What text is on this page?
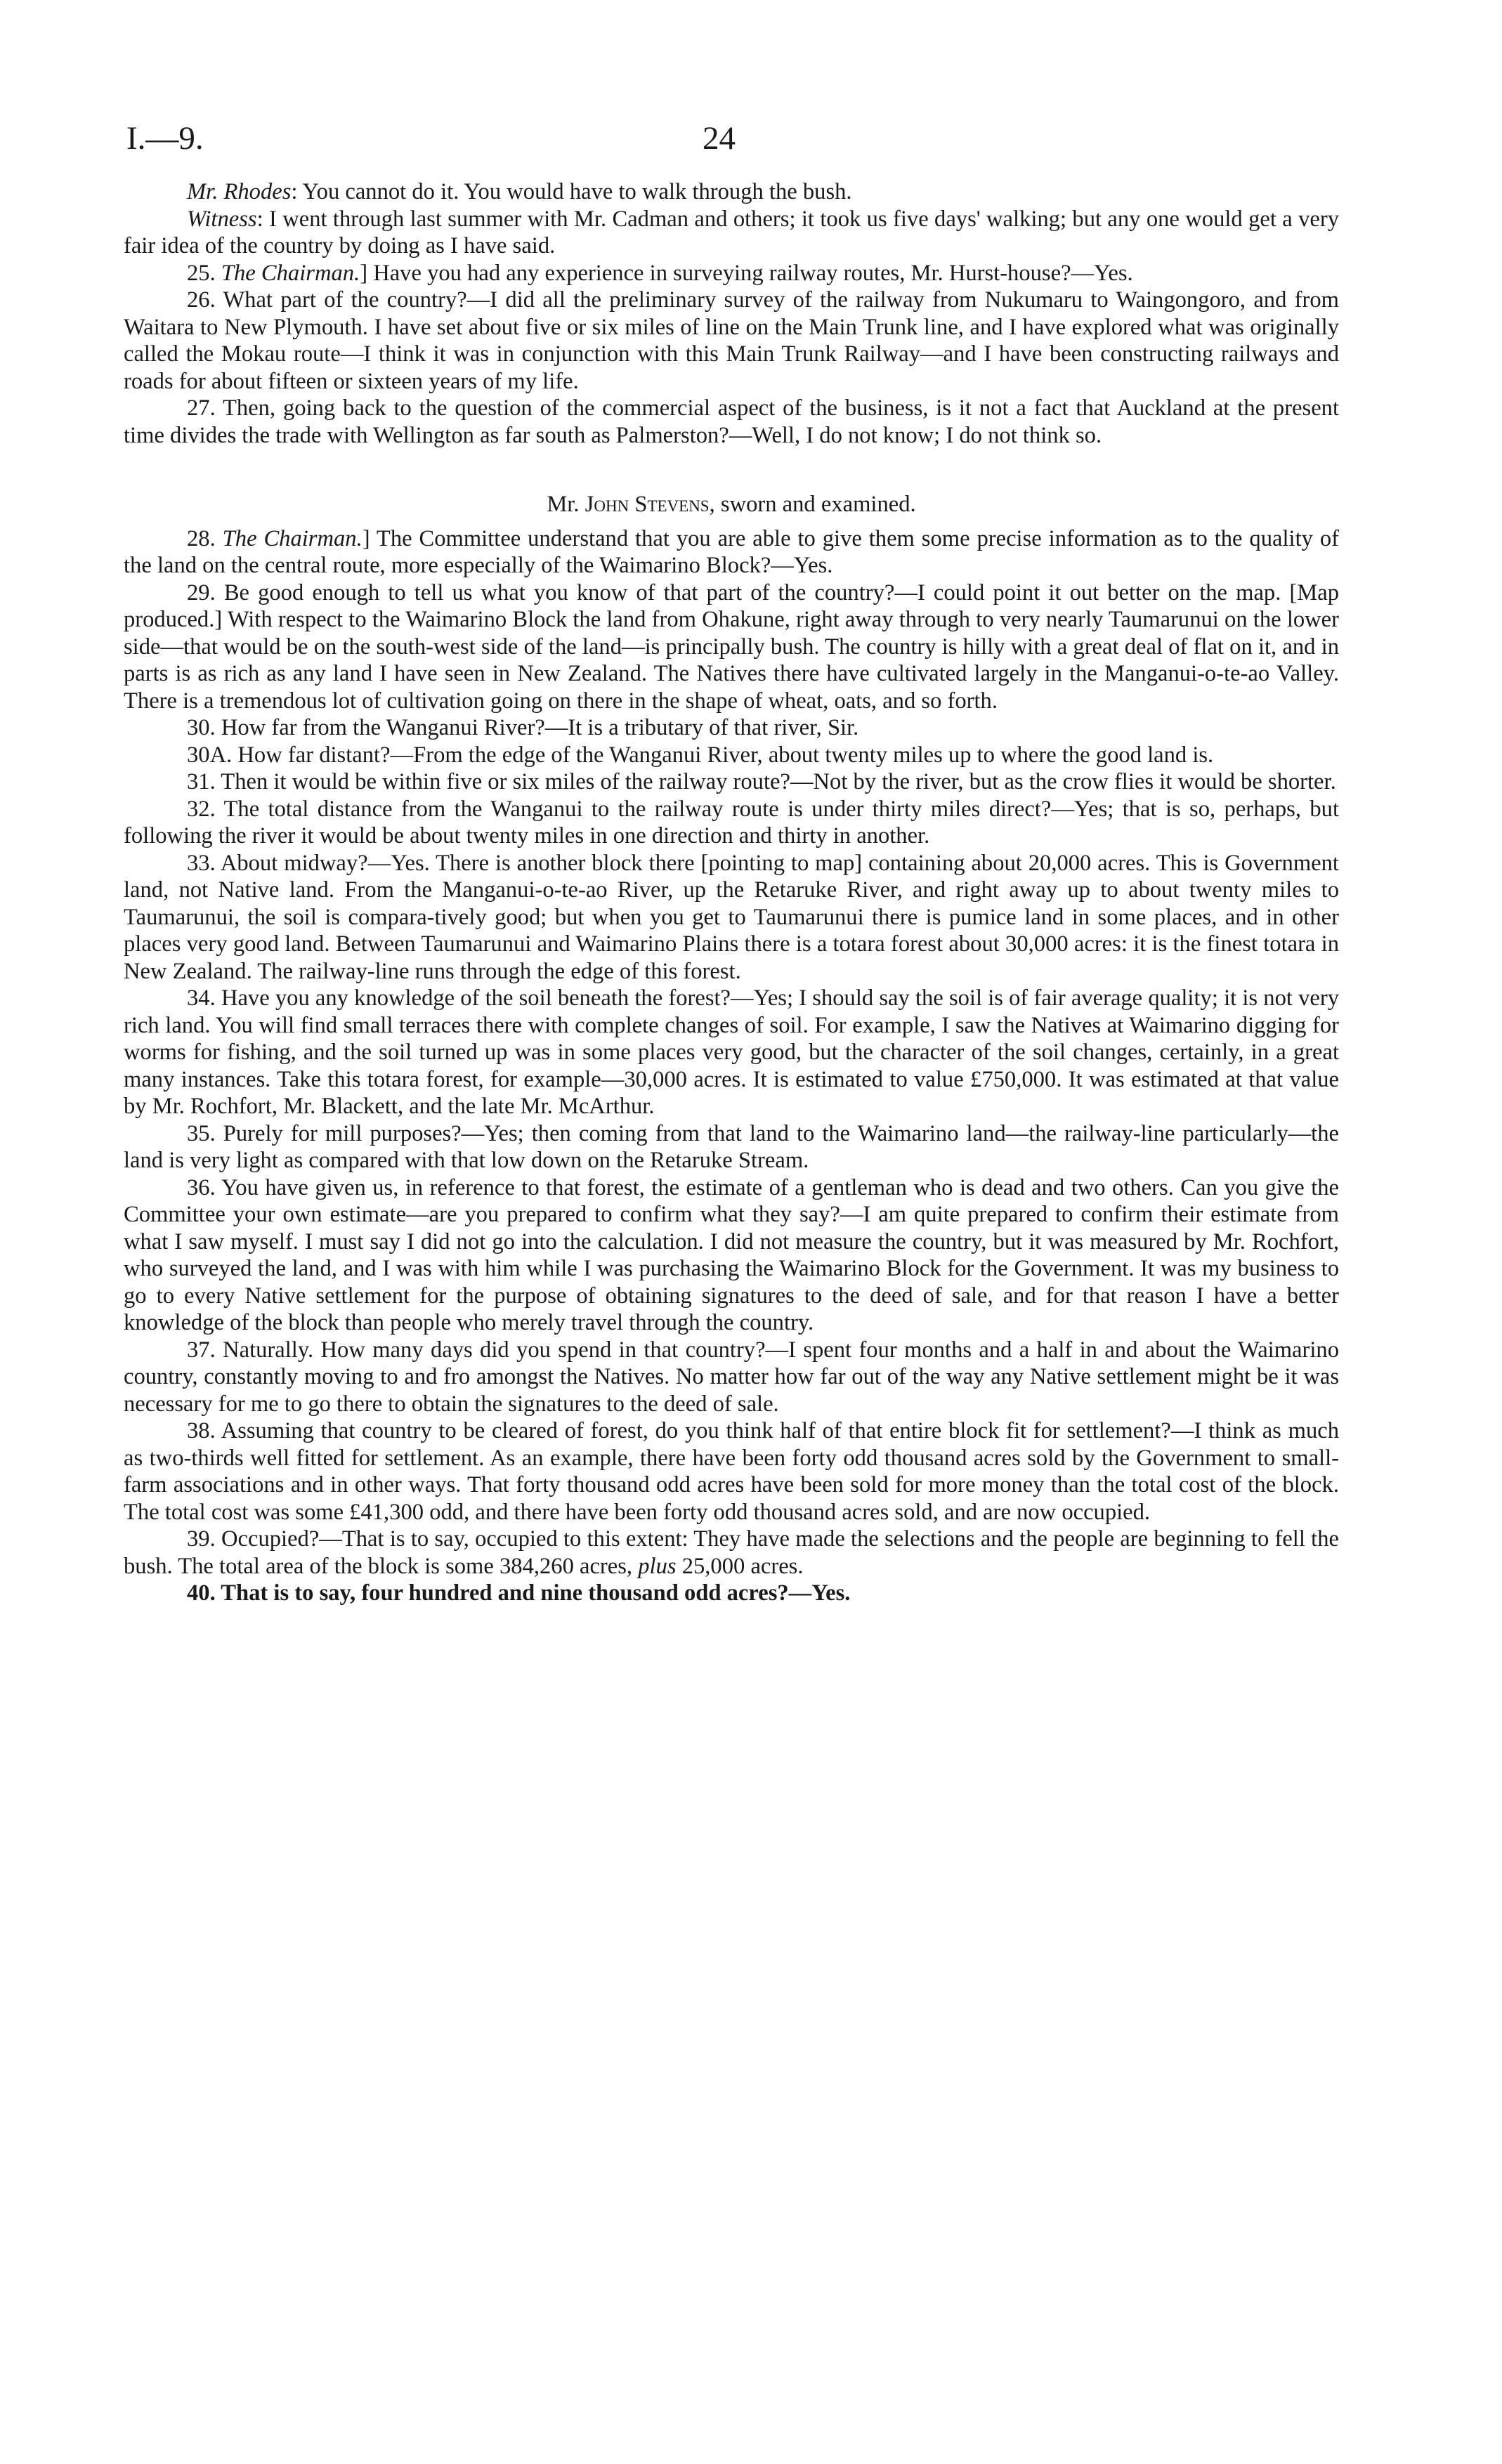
I.—9.	24

Mr. Rhodes: You cannot do it. You would have to walk through the bush.

Witness: I went through last summer with Mr. Cadman and others; it took us five days' walking; but any one would get a very fair idea of the country by doing as I have said.

25. The Chairman.] Have you had any experience in surveying railway routes, Mr. Hurst-house?—Yes.

26. What part of the country?—I did all the preliminary survey of the railway from Nukumaru to Waingongoro, and from Waitara to New Plymouth. I have set about five or six miles of line on the Main Trunk line, and I have explored what was originally called the Mokau route—I think it was in conjunction with this Main Trunk Railway—and I have been constructing railways and roads for about fifteen or sixteen years of my life.

27. Then, going back to the question of the commercial aspect of the business, is it not a fact that Auckland at the present time divides the trade with Wellington as far south as Palmerston?—Well, I do not know; I do not think so.

Mr. John Stevens, sworn and examined.

28. The Chairman.] The Committee understand that you are able to give them some precise information as to the quality of the land on the central route, more especially of the Waimarino Block?—Yes.

29. Be good enough to tell us what you know of that part of the country?—I could point it out better on the map. [Map produced.] With respect to the Waimarino Block the land from Ohakune, right away through to very nearly Taumarunui on the lower side—that would be on the south-west side of the land—is principally bush. The country is hilly with a great deal of flat on it, and in parts is as rich as any land I have seen in New Zealand. The Natives there have cultivated largely in the Manganui-o-te-ao Valley. There is a tremendous lot of cultivation going on there in the shape of wheat, oats, and so forth.

30. How far from the Wanganui River?—It is a tributary of that river, Sir.

30A. How far distant?—From the edge of the Wanganui River, about twenty miles up to where the good land is.

31. Then it would be within five or six miles of the railway route?—Not by the river, but as the crow flies it would be shorter.

32. The total distance from the Wanganui to the railway route is under thirty miles direct?—Yes; that is so, perhaps, but following the river it would be about twenty miles in one direction and thirty in another.

33. About midway?—Yes. There is another block there [pointing to map] containing about 20,000 acres. This is Government land, not Native land. From the Manganui-o-te-ao River, up the Retaruke River, and right away up to about twenty miles to Taumarunui, the soil is compara-tively good; but when you get to Taumarunui there is pumice land in some places, and in other places very good land. Between Taumarunui and Waimarino Plains there is a totara forest about 30,000 acres: it is the finest totara in New Zealand. The railway-line runs through the edge of this forest.

34. Have you any knowledge of the soil beneath the forest?—Yes; I should say the soil is of fair average quality; it is not very rich land. You will find small terraces there with complete changes of soil. For example, I saw the Natives at Waimarino digging for worms for fishing, and the soil turned up was in some places very good, but the character of the soil changes, certainly, in a great many instances. Take this totara forest, for example—30,000 acres. It is estimated to value £750,000. It was estimated at that value by Mr. Rochfort, Mr. Blackett, and the late Mr. McArthur.

35. Purely for mill purposes?—Yes; then coming from that land to the Waimarino land—the railway-line particularly—the land is very light as compared with that low down on the Retaruke Stream.

36. You have given us, in reference to that forest, the estimate of a gentleman who is dead and two others. Can you give the Committee your own estimate—are you prepared to confirm what they say?—I am quite prepared to confirm their estimate from what I saw myself. I must say I did not go into the calculation. I did not measure the country, but it was measured by Mr. Rochfort, who surveyed the land, and I was with him while I was purchasing the Waimarino Block for the Government. It was my business to go to every Native settlement for the purpose of obtaining signatures to the deed of sale, and for that reason I have a better knowledge of the block than people who merely travel through the country.

37. Naturally. How many days did you spend in that country?—I spent four months and a half in and about the Waimarino country, constantly moving to and fro amongst the Natives. No matter how far out of the way any Native settlement might be it was necessary for me to go there to obtain the signatures to the deed of sale.

38. Assuming that country to be cleared of forest, do you think half of that entire block fit for settlement?—I think as much as two-thirds well fitted for settlement. As an example, there have been forty odd thousand acres sold by the Government to small-farm associations and in other ways. That forty thousand odd acres have been sold for more money than the total cost of the block. The total cost was some £41,300 odd, and there have been forty odd thousand acres sold, and are now occupied.

39. Occupied?—That is to say, occupied to this extent: They have made the selections and the people are beginning to fell the bush. The total area of the block is some 384,260 acres, plus 25,000 acres.

40. That is to say, four hundred and nine thousand odd acres?—Yes.
